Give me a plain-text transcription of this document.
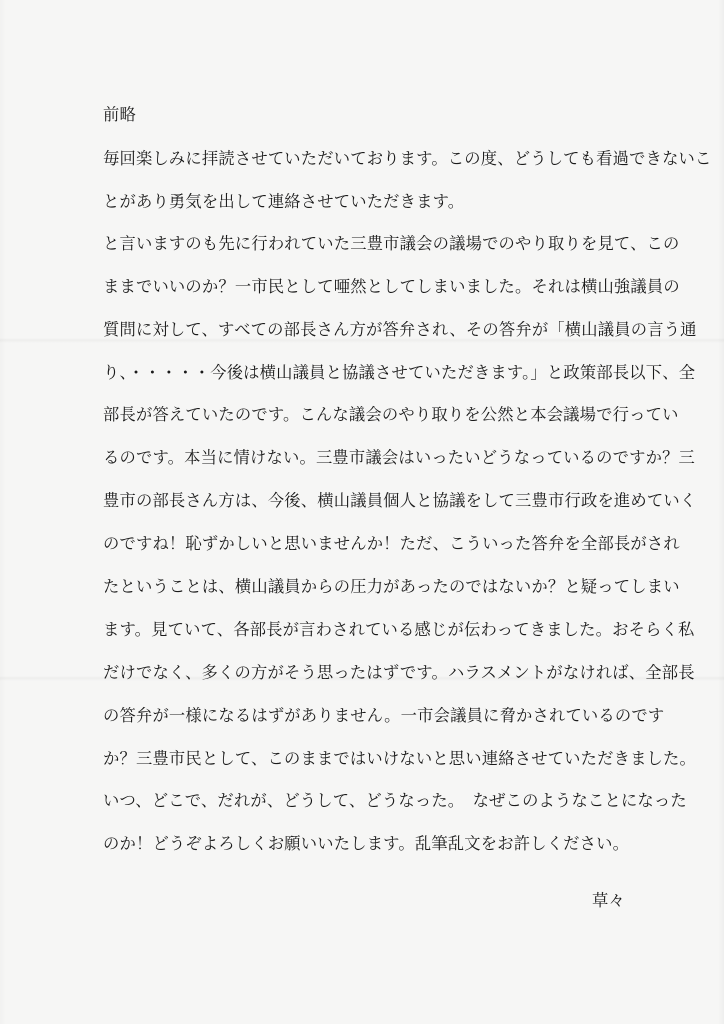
前略
毎回楽しみに拝読させていただいております。この度、どうしても看過できないこ
とがあり勇気を出して連絡させていただきます。
と言いますのも先に行われていた三豊市議会の議場でのやり取りを見て、この
ままでいいのか？一市民として唖然としてしまいました。それは横山強議員の
質問に対して、すべての部長さん方が答弁され、その答弁が「横山議員の言う通
り、・・・・・今後は横山議員と協議させていただきます。」と政策部長以下、全
部長が答えていたのです。こんな議会のやり取りを公然と本会議場で行ってい
るのです。本当に情けない。三豊市議会はいったいどうなっているのですか？三
豊市の部長さん方は、今後、横山議員個人と協議をして三豊市行政を進めていく
のですね！恥ずかしいと思いませんか！ただ、こういった答弁を全部長がされ
たということは、横山議員からの圧力があったのではないか？と疑ってしまい
ます。見ていて、各部長が言わされている感じが伝わってきました。おそらく私
だけでなく、多くの方がそう思ったはずです。ハラスメントがなければ、全部長
の答弁が一様になるはずがありません。一市会議員に脅かされているのです
か？三豊市民として、このままではいけないと思い連絡させていただきました。
いつ、どこで、だれが、どうして、どうなった。　なぜこのようなことになった
のか！どうぞよろしくお願いいたします。乱筆乱文をお許しください。
草々
